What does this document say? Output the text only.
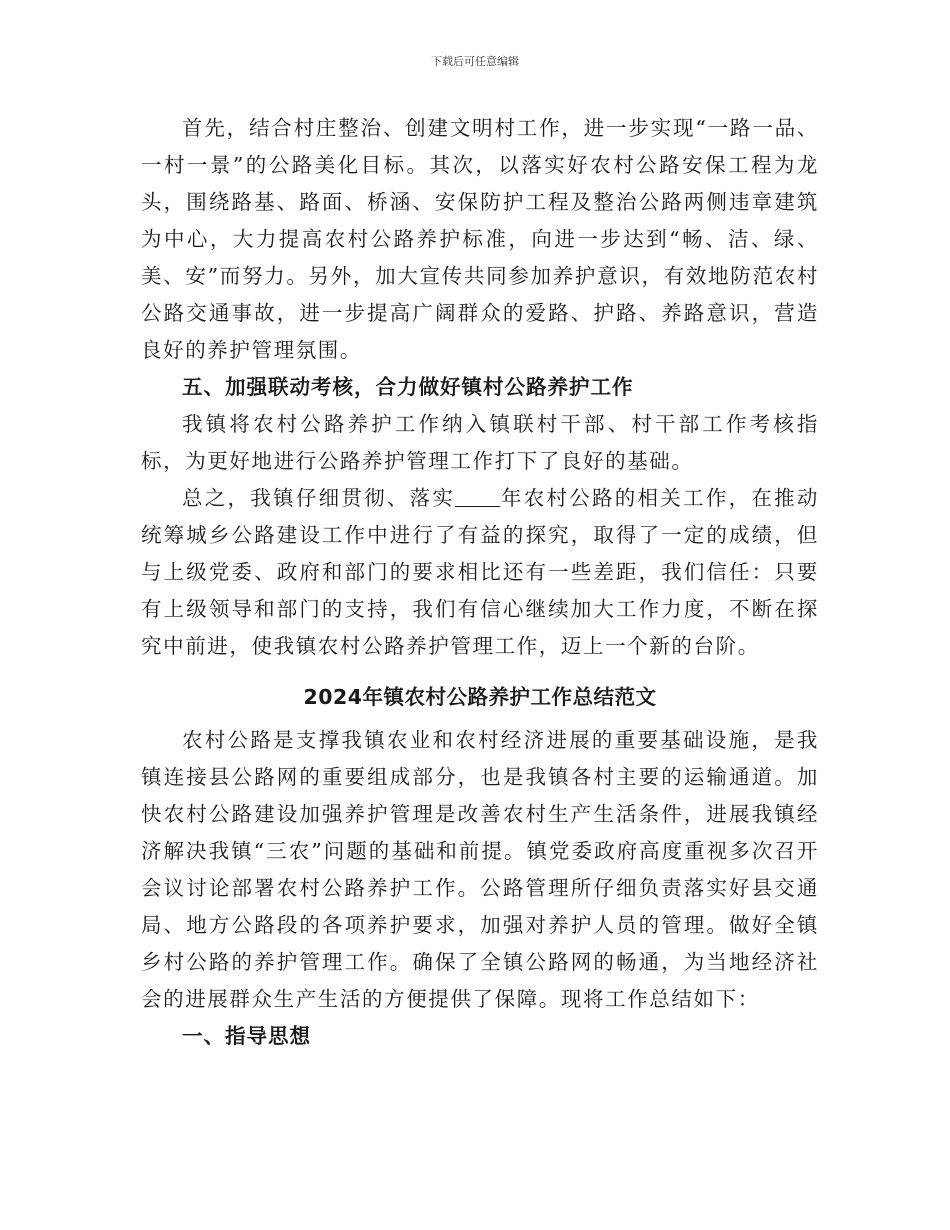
下载后可任意编辑

首先，结合村庄整治、创建文明村工作，进一步实现“一路一品、一村一景”的公路美化目标。其次，以落实好农村公路安保工程为龙头，围绕路基、路面、桥涵、安保防护工程及整治公路两侧违章建筑为中心，大力提高农村公路养护标准，向进一步达到“畅、洁、绿、美、安”而努力。另外，加大宣传共同参加养护意识，有效地防范农村公路交通事故，进一步提高广阔群众的爱路、护路、养路意识，营造良好的养护管理氛围。

五、加强联动考核，合力做好镇村公路养护工作

我镇将农村公路养护工作纳入镇联村干部、村干部工作考核指标，为更好地进行公路养护管理工作打下了良好的基础。

总之，我镇仔细贯彻、落实 年农村公路的相关工作，在推动统筹城乡公路建设工作中进行了有益的探究，取得了一定的成绩，但与上级党委、政府和部门的要求相比还有一些差距，我们信任：只要有上级领导和部门的支持，我们有信心继续加大工作力度，不断在探究中前进，使我镇农村公路养护管理工作，迈上一个新的台阶。

2024年镇农村公路养护工作总结范文

农村公路是支撑我镇农业和农村经济进展的重要基础设施，是我镇连接县公路网的重要组成部分，也是我镇各村主要的运输通道。加快农村公路建设加强养护管理是改善农村生产生活条件，进展我镇经济解决我镇“三农”问题的基础和前提。镇党委政府高度重视多次召开会议讨论部署农村公路养护工作。公路管理所仔细负责落实好县交通局、地方公路段的各项养护要求，加强对养护人员的管理。做好全镇乡村公路的养护管理工作。确保了全镇公路网的畅通，为当地经济社会的进展群众生产生活的方便提供了保障。现将工作总结如下：

一、指导思想
